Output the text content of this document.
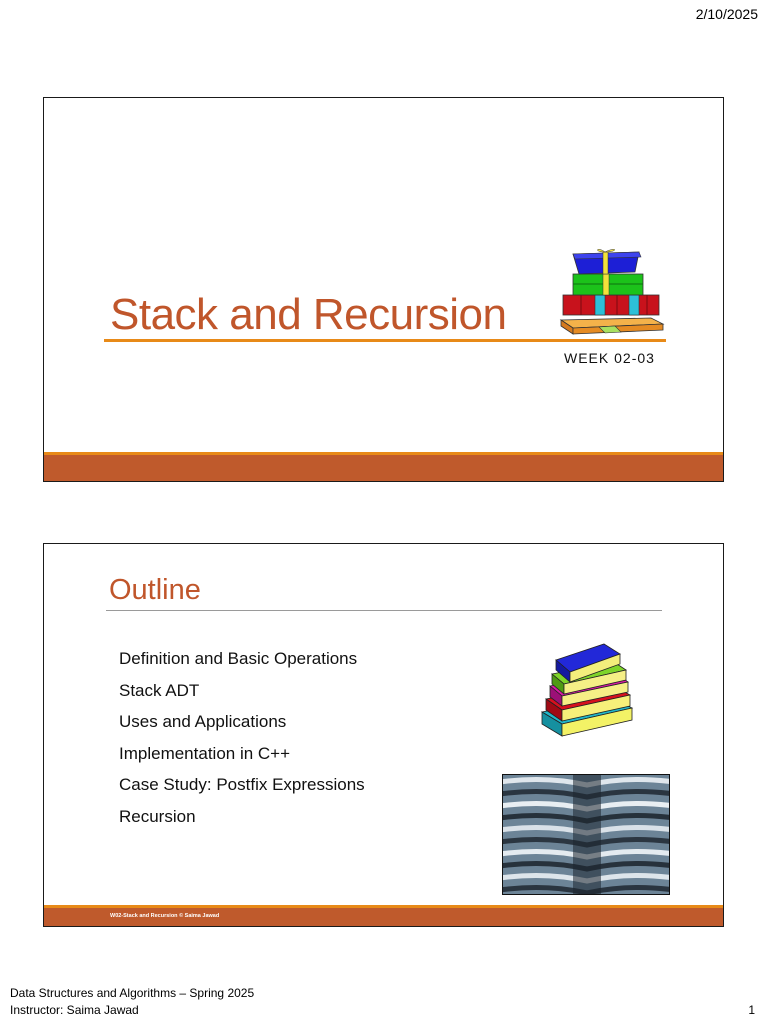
2/10/2025
Stack and Recursion
WEEK 02-03
Outline
Definition and Basic Operations
Stack ADT
Uses and Applications
Implementation in C++
Case Study: Postfix Expressions
Recursion
W02-Stack and Recursion © Saima Jawad
Data Structures and Algorithms – Spring 2025
Instructor: Saima Jawad	1
